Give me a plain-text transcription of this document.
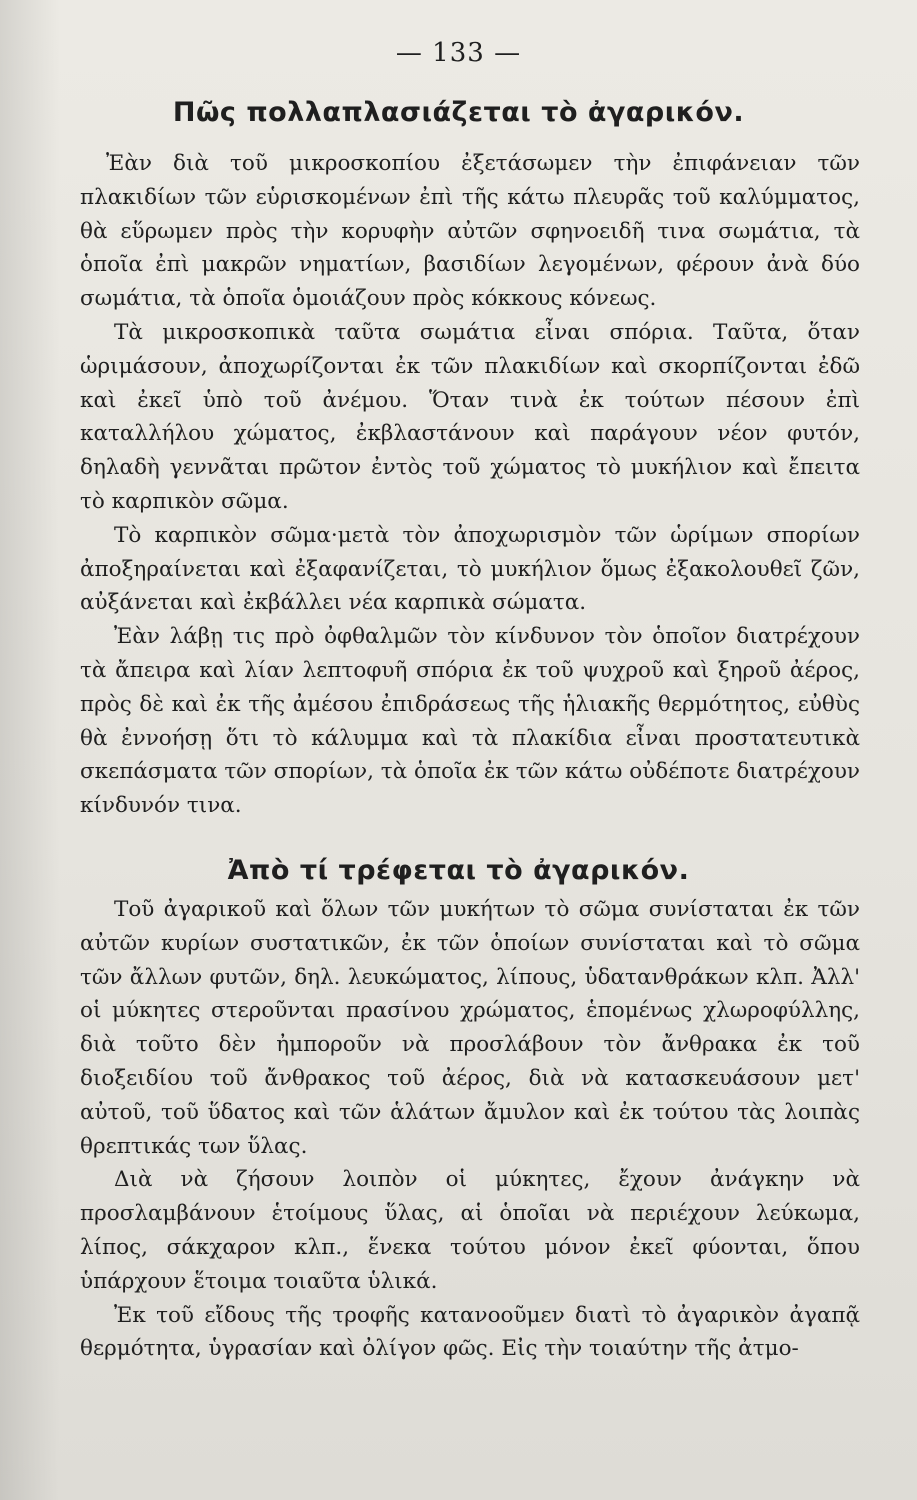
— 133 —
Πῶς πολλαπλασιάζεται τὸ ἀγαρικόν.

Ἐὰν διὰ τοῦ μικροσκοπίου ἐξετάσωμεν τὴν ἐπιφάνειαν τῶν πλακιδίων τῶν εὑρισκομένων ἐπὶ τῆς κάτω πλευρᾶς τοῦ καλύμματος, θὰ εὕρωμεν πρὸς τὴν κορυφὴν αὐτῶν σφηνοειδῆ τινα σωμάτια, τὰ ὁποῖα ἐπὶ μακρῶν νηματίων, βασιδίων λεγομένων, φέρουν ἀνὰ δύο σωμάτια, τὰ ὁποῖα ὁμοιάζουν πρὸς κόκκους κόνεως.

Τὰ μικροσκοπικὰ ταῦτα σωμάτια εἶναι σπόρια. Ταῦτα, ὅταν ὡριμάσουν, ἀποχωρίζονται ἐκ τῶν πλακιδίων καὶ σκορπίζονται ἐδῶ καὶ ἐκεῖ ὑπὸ τοῦ ἀνέμου. Ὅταν τινὰ ἐκ τούτων πέσουν ἐπὶ καταλλήλου χώματος, ἐκβλαστάνουν καὶ παράγουν νέον φυτόν, δηλαδὴ γεννᾶται πρῶτον ἐντὸς τοῦ χώματος τὸ μυκήλιον καὶ ἔπειτα τὸ καρπικὸν σῶμα.

Τὸ καρπικὸν σῶμα·μετὰ τὸν ἀποχωρισμὸν τῶν ὡρίμων σπορίων ἀποξηραίνεται καὶ ἐξαφανίζεται, τὸ μυκήλιον ὅμως ἐξακολουθεῖ ζῶν, αὐξάνεται καὶ ἐκβάλλει νέα καρπικὰ σώματα.

Ἐὰν λάβῃ τις πρὸ ὀφθαλμῶν τὸν κίνδυνον τὸν ὁποῖον διατρέχουν τὰ ἄπειρα καὶ λίαν λεπτοφυῆ σπόρια ἐκ τοῦ ψυχροῦ καὶ ξηροῦ ἀέρος, πρὸς δὲ καὶ ἐκ τῆς ἀμέσου ἐπιδράσεως τῆς ἡλιακῆς θερμότητος, εὐθὺς θὰ ἐννοήσῃ ὅτι τὸ κάλυμμα καὶ τὰ πλακίδια εἶναι προστατευτικὰ σκεπάσματα τῶν σπορίων, τὰ ὁποῖα ἐκ τῶν κάτω οὐδέποτε διατρέχουν κίνδυνόν τινα.

Ἀπὸ τί τρέφεται τὸ ἀγαρικόν.

Τοῦ ἀγαρικοῦ καὶ ὅλων τῶν μυκήτων τὸ σῶμα συνίσταται ἐκ τῶν αὐτῶν κυρίων συστατικῶν, ἐκ τῶν ὁποίων συνίσταται καὶ τὸ σῶμα τῶν ἄλλων φυτῶν, δηλ. λευκώματος, λίπους, ὑδατανθράκων κλπ. Ἀλλ' οἱ μύκητες στεροῦνται πρασίνου χρώματος, ἑπομένως χλωροφύλλης, διὰ τοῦτο δὲν ἠμποροῦν νὰ προσλάβουν τὸν ἄνθρακα ἐκ τοῦ διοξειδίου τοῦ ἄνθρακος τοῦ ἀέρος, διὰ νὰ κατασκευάσουν μετ' αὐτοῦ, τοῦ ὕδατος καὶ τῶν ἁλάτων ἄμυλον καὶ ἐκ τούτου τὰς λοιπὰς θρεπτικάς των ὕλας.

Διὰ νὰ ζήσουν λοιπὸν οἱ μύκητες, ἔχουν ἀνάγκην νὰ προσλαμβάνουν ἑτοίμους ὕλας, αἱ ὁποῖαι νὰ περιέχουν λεύκωμα, λίπος, σάκχαρον κλπ., ἕνεκα τούτου μόνον ἐκεῖ φύονται, ὅπου ὑπάρχουν ἕτοιμα τοιαῦτα ὑλικά.

Ἐκ τοῦ εἴδους τῆς τροφῆς κατανοοῦμεν διατὶ τὸ ἀγαρικὸν ἀγαπᾷ θερμότητα, ὑγρασίαν καὶ ὀλίγον φῶς. Εἰς τὴν τοιαύτην τῆς ἀτμο-
